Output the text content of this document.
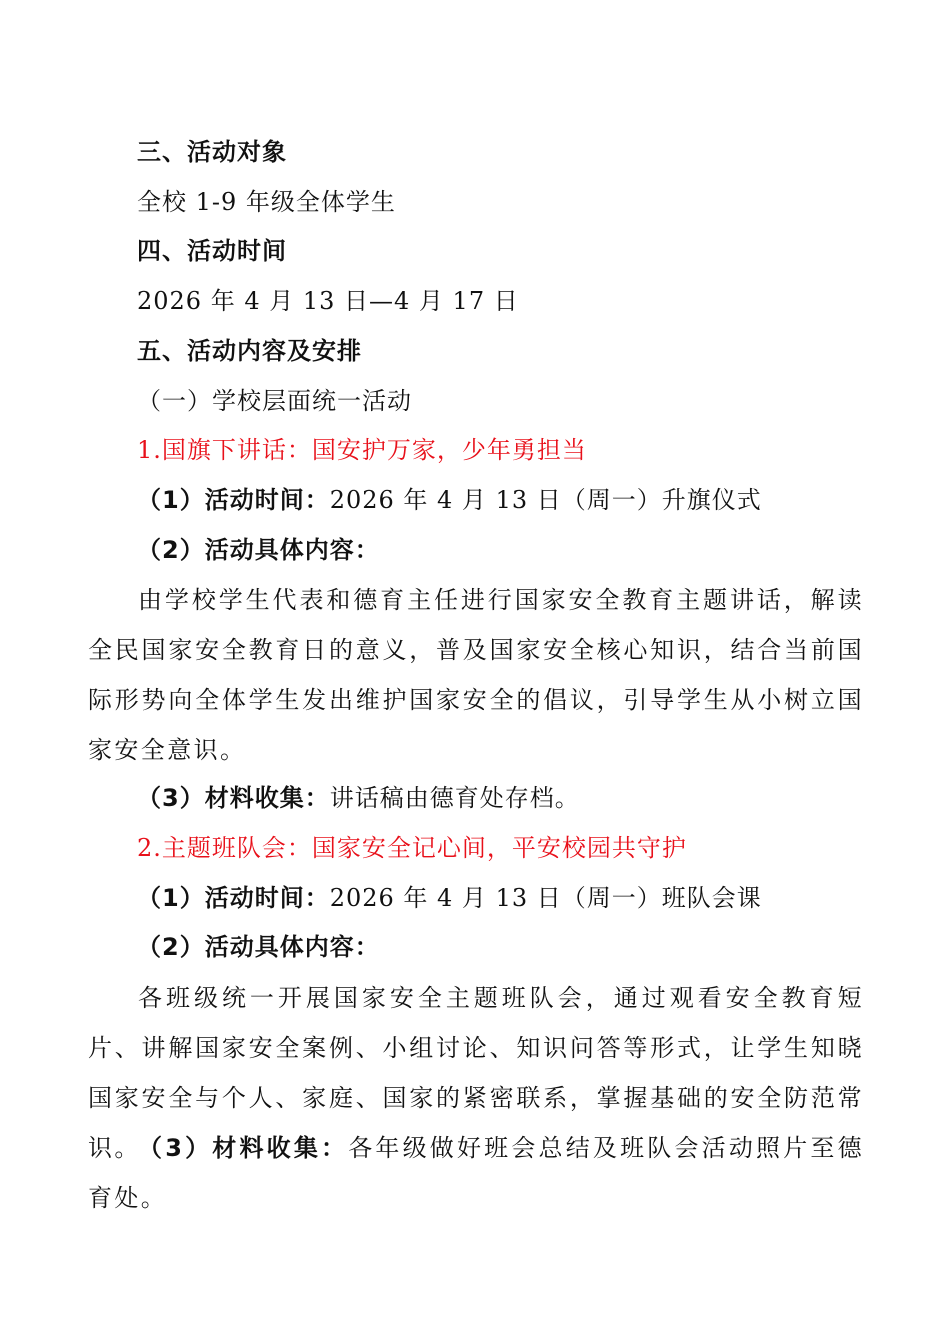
三、活动对象
全校 1-9 年级全体学生
四、活动时间
2026 年 4 月 13 日—4 月 17 日
五、活动内容及安排
（一）学校层面统一活动
1.国旗下讲话：国安护万家，少年勇担当
（1）活动时间：2026 年 4 月 13 日（周一）升旗仪式
（2）活动具体内容：
由学校学生代表和德育主任进行国家安全教育主题讲话，解读全民国家安全教育日的意义，普及国家安全核心知识，结合当前国际形势向全体学生发出维护国家安全的倡议，引导学生从小树立国家安全意识。
（3）材料收集：讲话稿由德育处存档。
2.主题班队会：国家安全记心间，平安校园共守护
（1）活动时间：2026 年 4 月 13 日（周一）班队会课
（2）活动具体内容：
各班级统一开展国家安全主题班队会，通过观看安全教育短片、讲解国家安全案例、小组讨论、知识问答等形式，让学生知晓国家安全与个人、家庭、国家的紧密联系，掌握基础的安全防范常识。
（3）材料收集：各年级做好班会总结及班队会活动照片至德育处。
